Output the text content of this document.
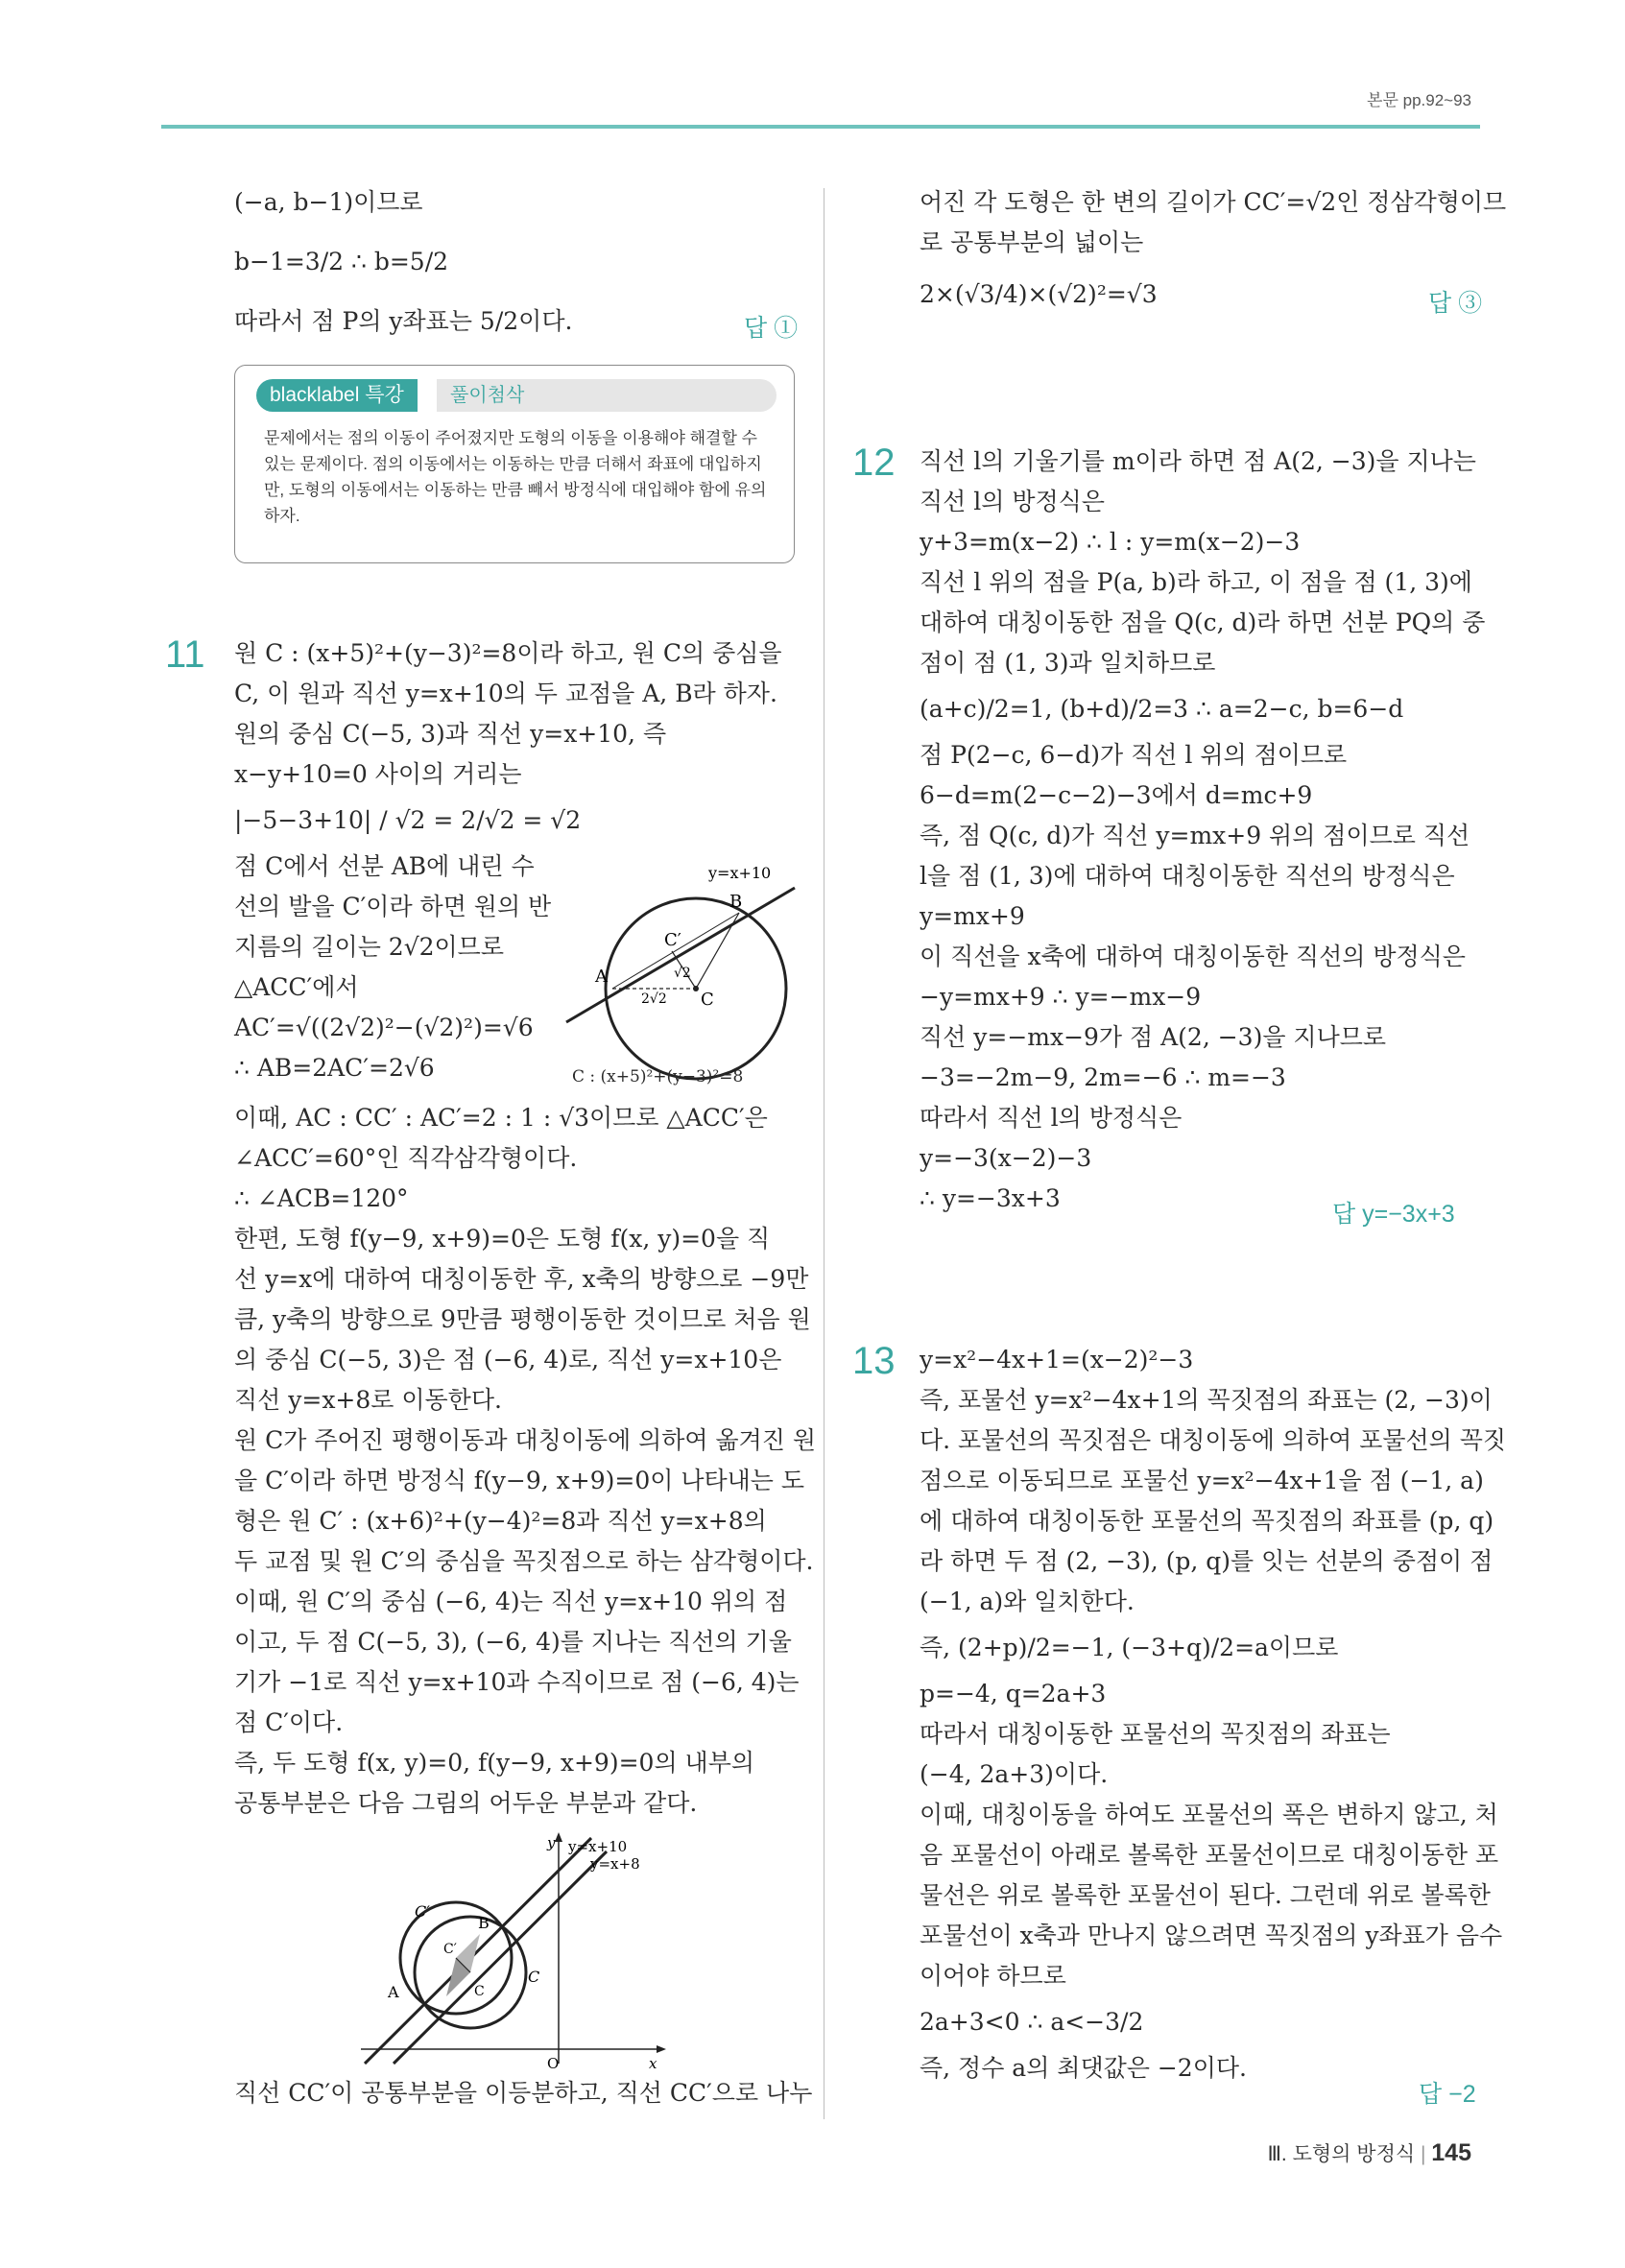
본문 pp.92~93

(−a, b−1)이므로

b−1=3/2 ∴ b=5/2

따라서 점 P의 y좌표는 5/2이다.	답 ①
blacklabel 특강	풀이첨삭
문제에서는 점의 이동이 주어졌지만 도형의 이동을 이용해야 해결할 수 있는 문제이다. 점의 이동에서는 이동하는 만큼 더해서 좌표에 대입하지만, 도형의 이동에서는 이동하는 만큼 빼서 방정식에 대입해야 함에 유의하자.
11 원 C : (x+5)²+(y−3)²=8이라 하고, 원 C의 중심을

C, 이 원과 직선 y=x+10의 두 교점을 A, B라 하자.

원의 중심 C(−5, 3)과 직선 y=x+10, 즉

x−y+10=0 사이의 거리는

|−5−3+10| / √2 = 2/√2 = √2

점 C에서 선분 AB에 내린 수

선의 발을 C′이라 하면 원의 반

지름의 길이는 2√2이므로

△ACC′에서

AC′=√((2√2)²−(√2)²)=√6

∴ AB=2AC′=2√6

y=x+10
B
A
C
C′
√2
2√2
C : (x+5)²+(y−3)²=8

이때, AC : CC′ : AC′=2 : 1 : √3이므로 △ACC′은

∠ACC′=60°인 직각삼각형이다.

∴ ∠ACB=120°

한편, 도형 f(y−9, x+9)=0은 도형 f(x, y)=0을 직

선 y=x에 대하여 대칭이동한 후, x축의 방향으로 −9만

큼, y축의 방향으로 9만큼 평행이동한 것이므로 처음 원

의 중심 C(−5, 3)은 점 (−6, 4)로, 직선 y=x+10은

직선 y=x+8로 이동한다.

원 C가 주어진 평행이동과 대칭이동에 의하여 옮겨진 원

을 C′이라 하면 방정식 f(y−9, x+9)=0이 나타내는 도

형은 원 C′ : (x+6)²+(y−4)²=8과 직선 y=x+8의

두 교점 및 원 C′의 중심을 꼭짓점으로 하는 삼각형이다.

이때, 원 C′의 중심 (−6, 4)는 직선 y=x+10 위의 점

이고, 두 점 C(−5, 3), (−6, 4)를 지나는 직선의 기울

기가 −1로 직선 y=x+10과 수직이므로 점 (−6, 4)는

점 C′이다.

즉, 두 도형 f(x, y)=0, f(y−9, x+9)=0의 내부의

공통부분은 다음 그림의 어두운 부분과 같다.

y=x+10
y=x+8
y
x
O
A
B
C
C′
C′
C

직선 CC′이 공통부분을 이등분하고, 직선 CC′으로 나누

어진 각 도형은 한 변의 길이가 CC′=√2인 정삼각형이므

로 공통부분의 넓이는

2×(√3/4)×(√2)²=√3	답 ③
12 직선 l의 기울기를 m이라 하면 점 A(2, −3)을 지나는

직선 l의 방정식은

y+3=m(x−2) ∴ l : y=m(x−2)−3

직선 l 위의 점을 P(a, b)라 하고, 이 점을 점 (1, 3)에

대하여 대칭이동한 점을 Q(c, d)라 하면 선분 PQ의 중

점이 점 (1, 3)과 일치하므로

(a+c)/2=1, (b+d)/2=3 ∴ a=2−c, b=6−d

점 P(2−c, 6−d)가 직선 l 위의 점이므로

6−d=m(2−c−2)−3에서 d=mc+9

즉, 점 Q(c, d)가 직선 y=mx+9 위의 점이므로 직선

l을 점 (1, 3)에 대하여 대칭이동한 직선의 방정식은

y=mx+9

이 직선을 x축에 대하여 대칭이동한 직선의 방정식은

−y=mx+9 ∴ y=−mx−9

직선 y=−mx−9가 점 A(2, −3)을 지나므로

−3=−2m−9, 2m=−6 ∴ m=−3

따라서 직선 l의 방정식은

y=−3(x−2)−3

∴ y=−3x+3

답 y=−3x+3
13 y=x²−4x+1=(x−2)²−3

즉, 포물선 y=x²−4x+1의 꼭짓점의 좌표는 (2, −3)이

다. 포물선의 꼭짓점은 대칭이동에 의하여 포물선의 꼭짓

점으로 이동되므로 포물선 y=x²−4x+1을 점 (−1, a)

에 대하여 대칭이동한 포물선의 꼭짓점의 좌표를 (p, q)

라 하면 두 점 (2, −3), (p, q)를 잇는 선분의 중점이 점

(−1, a)와 일치한다.

즉, (2+p)/2=−1, (−3+q)/2=a이므로

p=−4, q=2a+3

따라서 대칭이동한 포물선의 꼭짓점의 좌표는

(−4, 2a+3)이다.

이때, 대칭이동을 하여도 포물선의 폭은 변하지 않고, 처

음 포물선이 아래로 볼록한 포물선이므로 대칭이동한 포

물선은 위로 볼록한 포물선이 된다. 그런데 위로 볼록한

포물선이 x축과 만나지 않으려면 꼭짓점의 y좌표가 음수

이어야 하므로

2a+3<0 ∴ a<−3/2

즉, 정수 a의 최댓값은 −2이다.

답 −2
Ⅲ. 도형의 방정식 | 145
